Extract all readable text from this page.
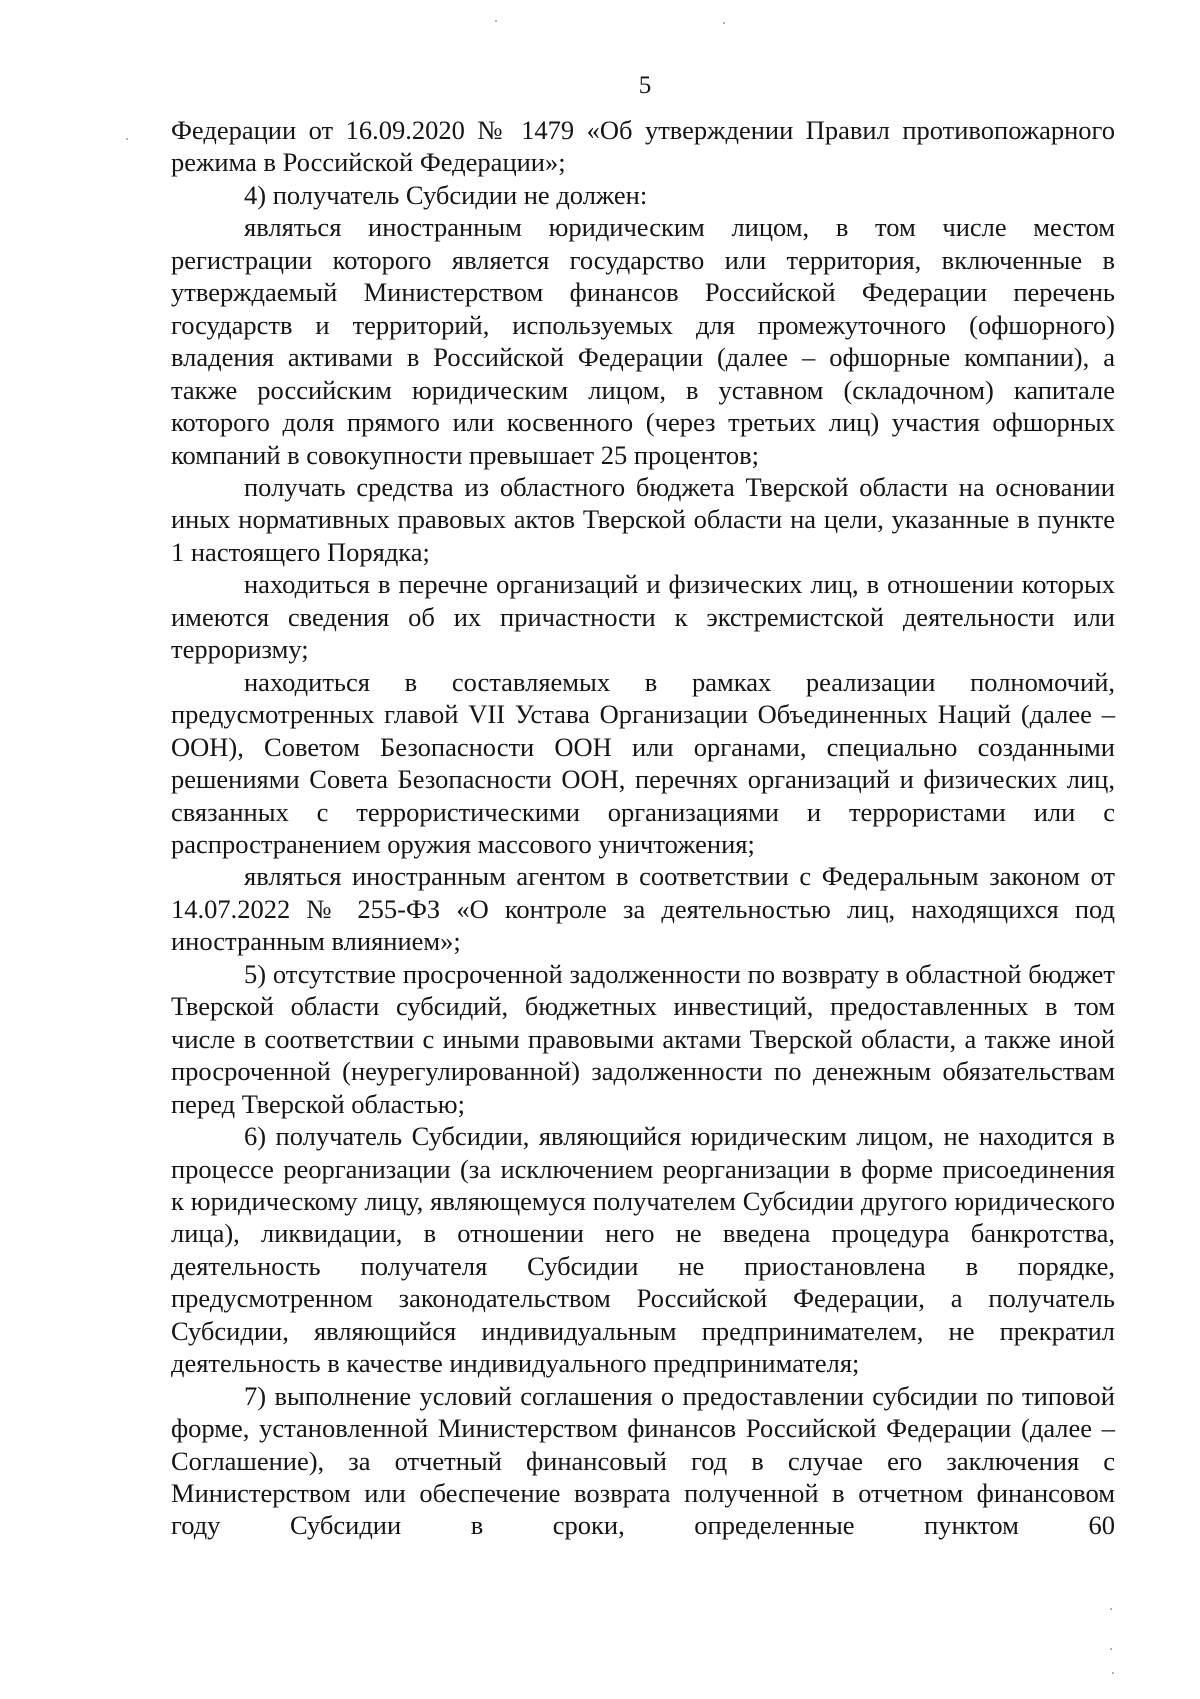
5

Федерации от 16.09.2020 № 1479 «Об утверждении Правил противопожарного режима в Российской Федерации»;

4) получатель Субсидии не должен:

являться иностранным юридическим лицом, в том числе местом регистрации которого является государство или территория, включенные в утверждаемый Министерством финансов Российской Федерации перечень государств и территорий, используемых для промежуточного (офшорного) владения активами в Российской Федерации (далее – офшорные компании), а также российским юридическим лицом, в уставном (складочном) капитале которого доля прямого или косвенного (через третьих лиц) участия офшорных компаний в совокупности превышает 25 процентов;

получать средства из областного бюджета Тверской области на основании иных нормативных правовых актов Тверской области на цели, указанные в пункте 1 настоящего Порядка;

находиться в перечне организаций и физических лиц, в отношении которых имеются сведения об их причастности к экстремистской деятельности или терроризму;

находиться в составляемых в рамках реализации полномочий, предусмотренных главой VII Устава Организации Объединенных Наций (далее – ООН), Советом Безопасности ООН или органами, специально созданными решениями Совета Безопасности ООН, перечнях организаций и физических лиц, связанных с террористическими организациями и террористами или с распространением оружия массового уничтожения;

являться иностранным агентом в соответствии с Федеральным законом от 14.07.2022 № 255-ФЗ «О контроле за деятельностью лиц, находящихся под иностранным влиянием»;

5) отсутствие просроченной задолженности по возврату в областной бюджет Тверской области субсидий, бюджетных инвестиций, предоставленных в том числе в соответствии с иными правовыми актами Тверской области, а также иной просроченной (неурегулированной) задолженности по денежным обязательствам перед Тверской областью;

6) получатель Субсидии, являющийся юридическим лицом, не находится в процессе реорганизации (за исключением реорганизации в форме присоединения к юридическому лицу, являющемуся получателем Субсидии другого юридического лица), ликвидации, в отношении него не введена процедура банкротства, деятельность получателя Субсидии не приостановлена в порядке, предусмотренном законодательством Российской Федерации, а получатель Субсидии, являющийся индивидуальным предпринимателем, не прекратил деятельность в качестве индивидуального предпринимателя;

7) выполнение условий соглашения о предоставлении субсидии по типовой форме, установленной Министерством финансов Российской Федерации (далее – Соглашение), за отчетный финансовый год в случае его заключения с Министерством или обеспечение возврата полученной в отчетном финансовом году Субсидии в сроки, определенные пунктом 60
